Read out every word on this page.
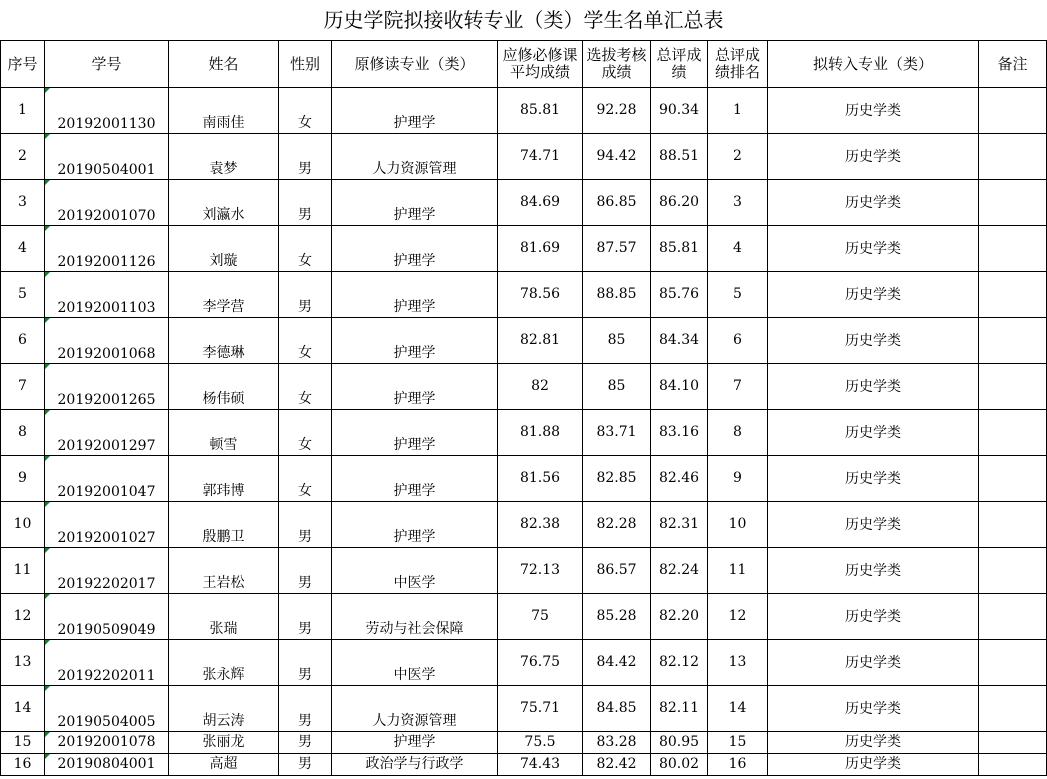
历史学院拟接收转专业（类）学生名单汇总表
序号	学号	姓名	性别	原修读专业（类）	应修必修课平均成绩	选拔考核成绩	总评成绩	总评成绩排名	拟转入专业（类）	备注
1	20192001130	南雨佳	女	护理学	85.81	92.28	90.34	1	历史学类	
2	20190504001	袁梦	男	人力资源管理	74.71	94.42	88.51	2	历史学类	
3	20192001070	刘瀛水	男	护理学	84.69	86.85	86.20	3	历史学类	
4	20192001126	刘璇	女	护理学	81.69	87.57	85.81	4	历史学类	
5	20192001103	李学营	男	护理学	78.56	88.85	85.76	5	历史学类	
6	20192001068	李德琳	女	护理学	82.81	85	84.34	6	历史学类	
7	20192001265	杨伟硕	女	护理学	82	85	84.10	7	历史学类	
8	20192001297	顿雪	女	护理学	81.88	83.71	83.16	8	历史学类	
9	20192001047	郭玮博	女	护理学	81.56	82.85	82.46	9	历史学类	
10	20192001027	殷鹏卫	男	护理学	82.38	82.28	82.31	10	历史学类	
11	20192202017	王岩松	男	中医学	72.13	86.57	82.24	11	历史学类	
12	20190509049	张瑞	男	劳动与社会保障	75	85.28	82.20	12	历史学类	
13	20192202011	张永辉	男	中医学	76.75	84.42	82.12	13	历史学类	
14	20190504005	胡云涛	男	人力资源管理	75.71	84.85	82.11	14	历史学类	
15	20192001078	张丽龙	男	护理学	75.5	83.28	80.95	15	历史学类	
16	20190804001	高超	男	政治学与行政学	74.43	82.42	80.02	16	历史学类	
